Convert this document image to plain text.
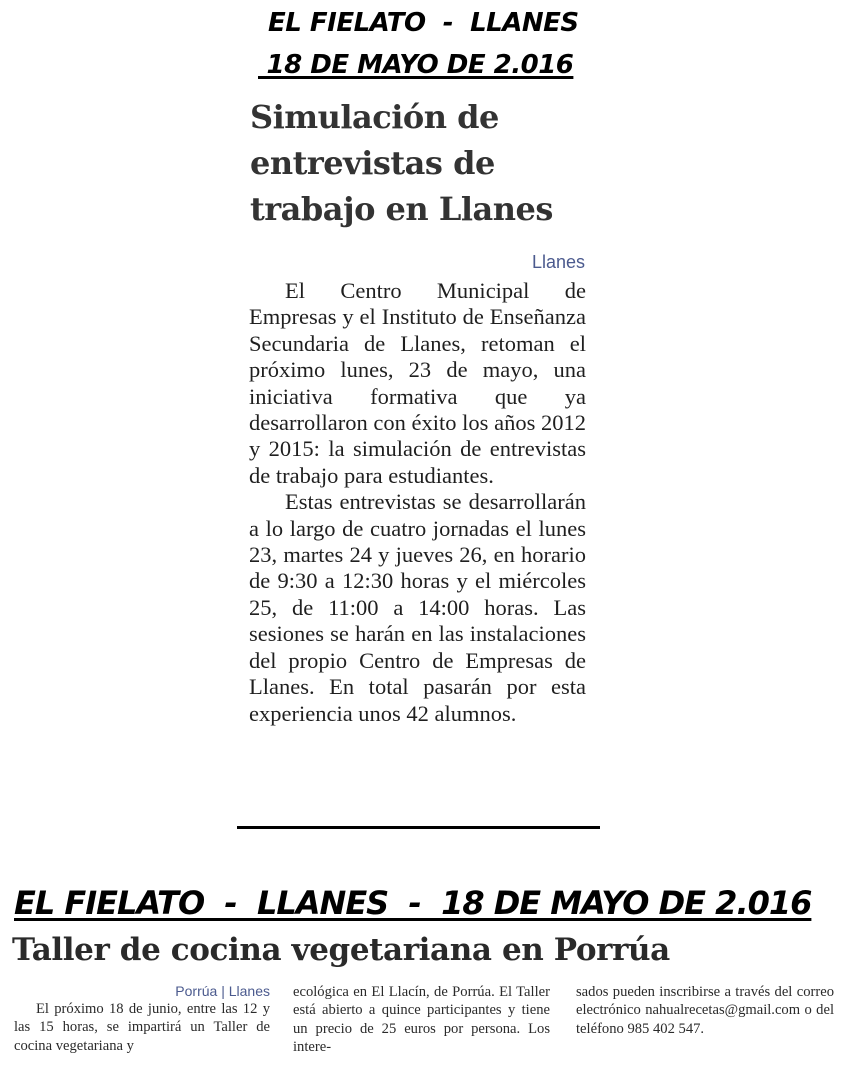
EL FIELATO  -  LLANES
18 DE MAYO DE 2.016
Simulación de entrevistas de trabajo en Llanes
Llanes

El Centro Municipal de Empresas y el Instituto de Enseñanza Secundaria de Llanes, retoman el próximo lunes, 23 de mayo, una iniciativa formativa que ya desarrollaron con éxito los años 2012 y 2015: la simulación de entrevistas de trabajo para estudiantes.

Estas entrevistas se desarrollarán a lo largo de cuatro jornadas el lunes 23, martes 24 y jueves 26, en horario de 9:30 a 12:30 horas y el miércoles 25, de 11:00 a 14:00 horas. Las sesiones se harán en las instalaciones del propio Centro de Empresas de Llanes. En total pasarán por esta experiencia unos 42 alumnos.

EL FIELATO  -  LLANES  -  18 DE MAYO DE 2.016
Taller de cocina vegetariana en Porrúa
Porrúa | Llanes

El próximo 18 de junio, entre las 12 y las 15 horas, se impartirá un Taller de cocina vegetariana y

ecológica en El Llacín, de Porrúa. El Taller está abierto a quince participantes y tiene un precio de 25 euros por persona. Los intere-

sados pueden inscribirse a través del correo electrónico nahualrecetas@gmail.com o del teléfono 985 402 547.
